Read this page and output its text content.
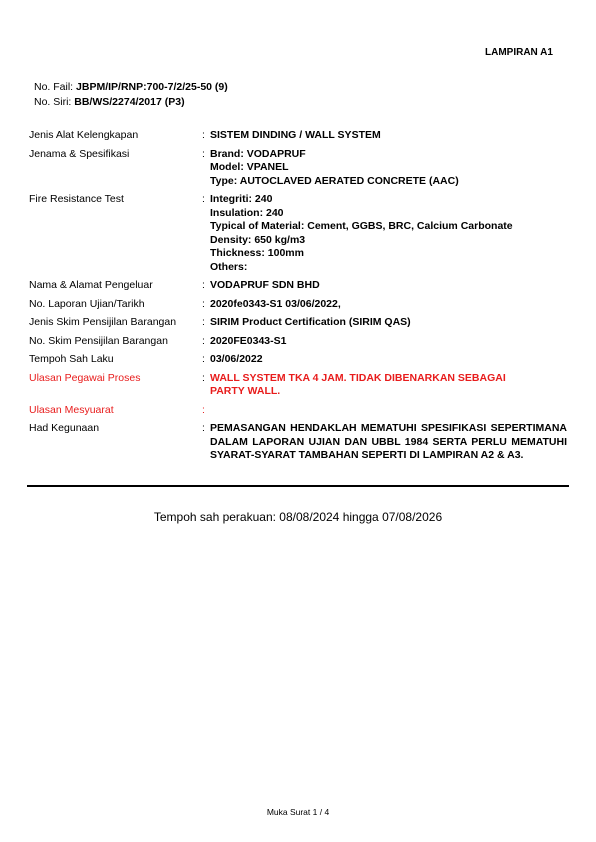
LAMPIRAN A1
No. Fail: JBPM/IP/RNP:700-7/2/25-50 (9)
No. Siri: BB/WS/2274/2017 (P3)
Jenis Alat Kelengkapan	: SISTEM DINDING / WALL SYSTEM
Jenama & Spesifikasi	: Brand: VODAPRUF
Model: VPANEL
Type: AUTOCLAVED AERATED CONCRETE (AAC)
Fire Resistance Test	: Integriti: 240
Insulation: 240
Typical of Material: Cement, GGBS, BRC, Calcium Carbonate
Density: 650 kg/m3
Thickness: 100mm
Others:
Nama & Alamat Pengeluar	: VODAPRUF SDN BHD
No. Laporan Ujian/Tarikh	: 2020fe0343-S1 03/06/2022,
Jenis Skim Pensijilan Barangan	: SIRIM Product Certification (SIRIM QAS)
No. Skim Pensijilan Barangan	: 2020FE0343-S1
Tempoh Sah Laku	: 03/06/2022
Ulasan Pegawai Proses	: WALL SYSTEM TKA 4 JAM. TIDAK DIBENARKAN SEBAGAI
PARTY WALL.
Ulasan Mesyuarat	:
Had Kegunaan	: PEMASANGAN HENDAKLAH MEMATUHI SPESIFIKASI SEPERTIMANA DALAM LAPORAN UJIAN DAN UBBL 1984 SERTA PERLU MEMATUHI SYARAT-SYARAT TAMBAHAN SEPERTI DI LAMPIRAN A2 & A3.
Tempoh sah perakuan: 08/08/2024 hingga 07/08/2026
Muka Surat 1 / 4
